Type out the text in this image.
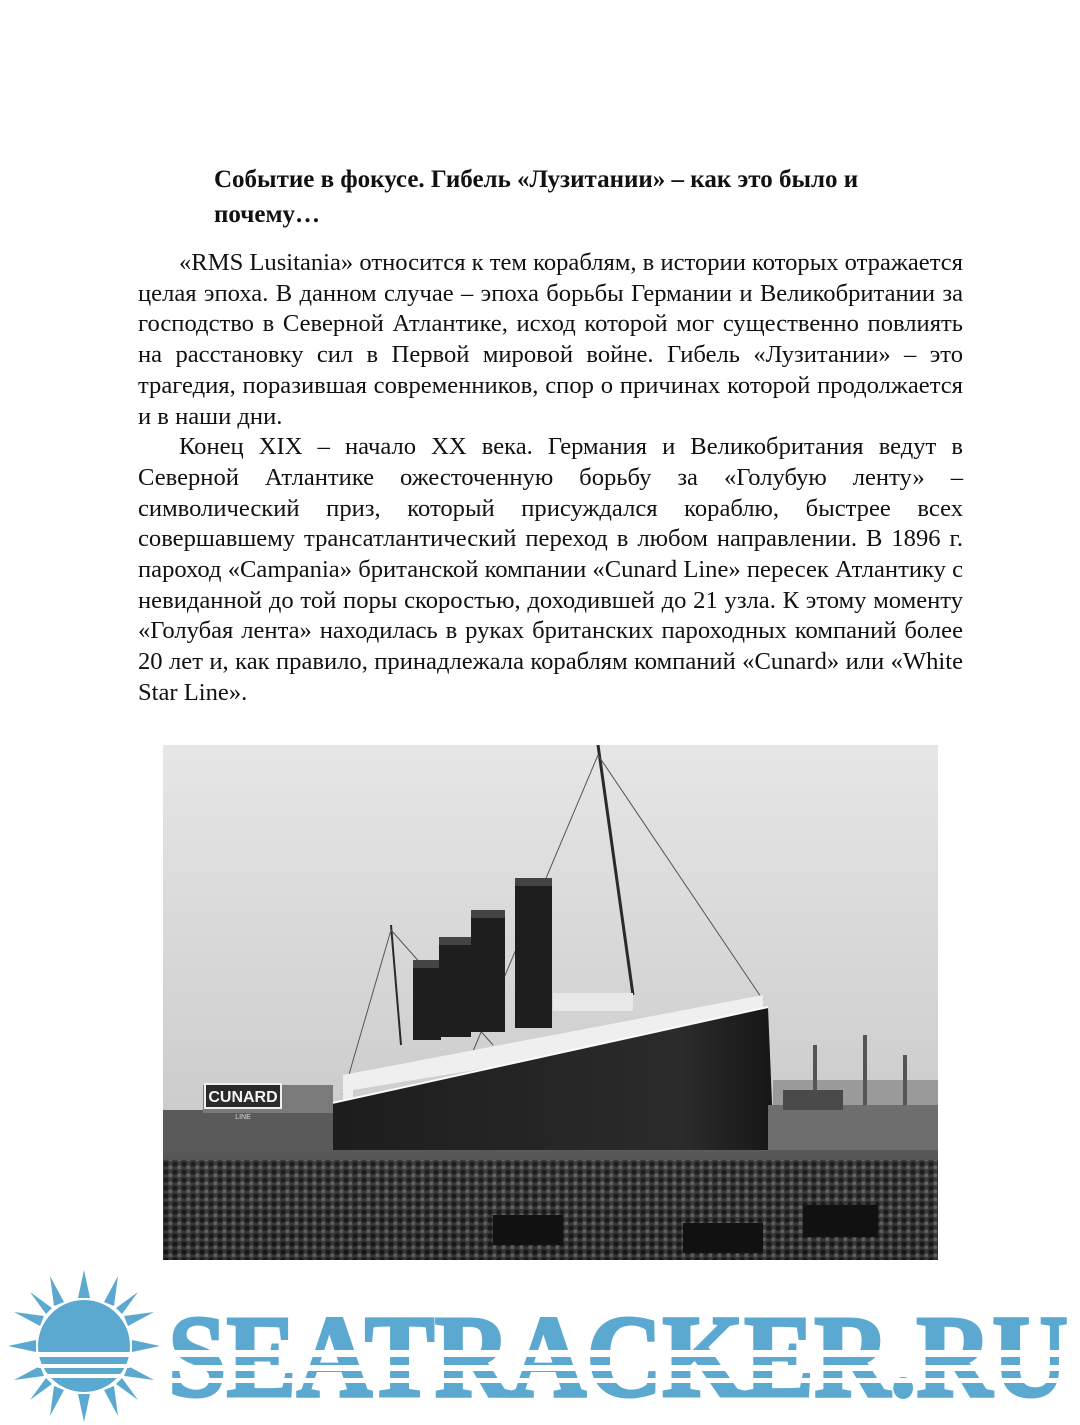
Событие в фокусе. Гибель «Лузитании» – как это было и почему…

«RMS Lusitania» относится к тем кораблям, в истории которых отражается целая эпоха. В данном случае – эпоха борьбы Германии и Великобритании за господство в Северной Атлантике, исход которой мог существенно повлиять на расстановку сил в Первой мировой войне. Гибель «Лузитании» – это трагедия, поразившая современников, спор о причинах которой продолжается и в наши дни.

Конец XIX – начало XX века. Германия и Великобритания ведут в Северной Атлантике ожесточенную борьбу за «Голубую ленту» – символический приз, который присуждался кораблю, быстрее всех совершавшему трансатлантический переход в любом направлении. В 1896 г. пароход «Campania» британской компании «Cunard Line» пересек Атлантику с невиданной до той поры скоростью, доходившей до 21 узла. К этому моменту «Голубая лента» находилась в руках британских пароходных компаний более 20 лет и, как правило, принадлежала кораблям компаний «Cunard» или «White Star Line».

CUNARD
LINE
